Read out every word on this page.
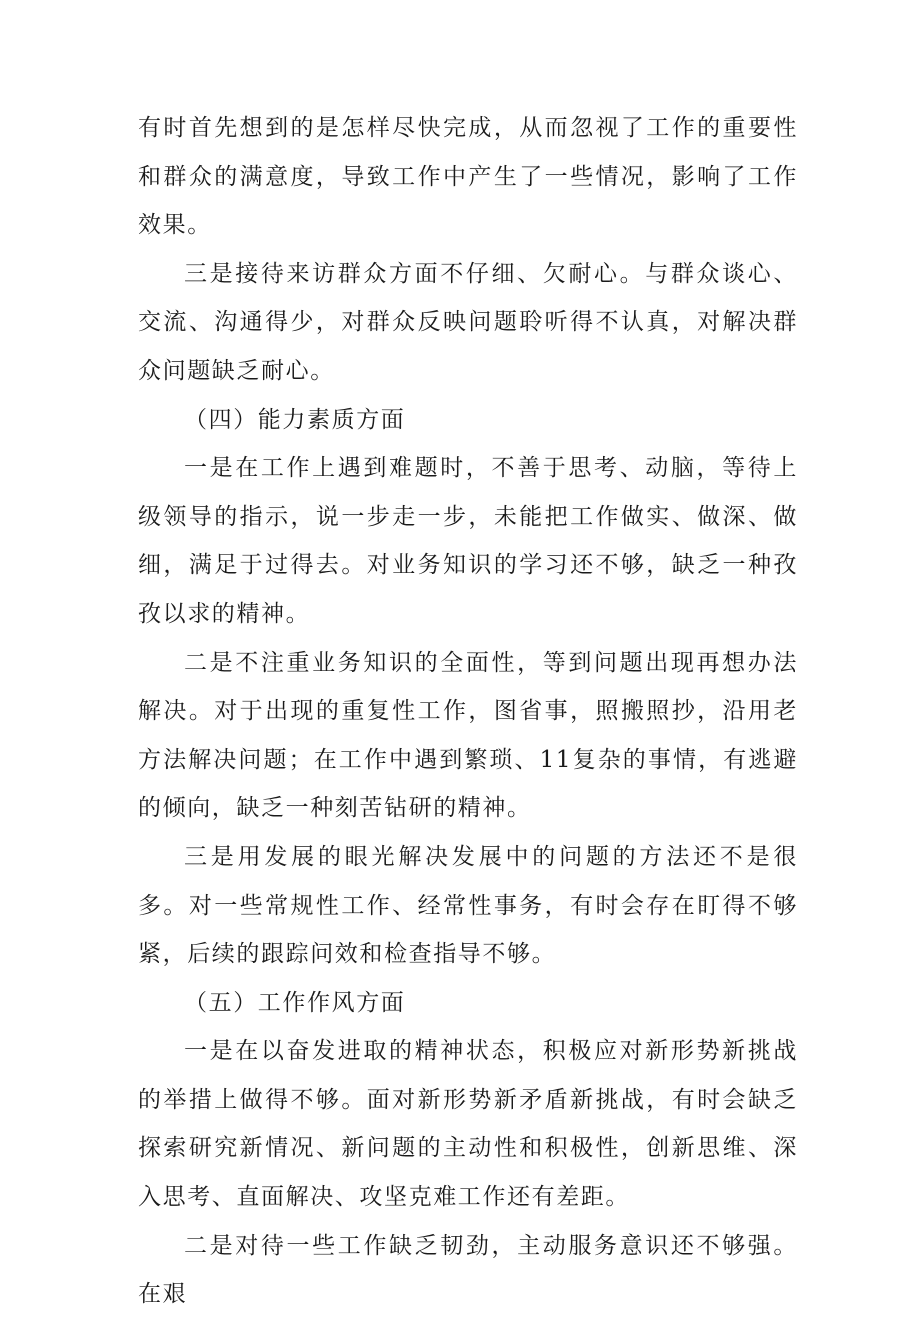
有时首先想到的是怎样尽快完成，从而忽视了工作的重要性和群众的满意度，导致工作中产生了一些情况，影响了工作效果。

三是接待来访群众方面不仔细、欠耐心。与群众谈心、交流、沟通得少，对群众反映问题聆听得不认真，对解决群众问题缺乏耐心。

（四）能力素质方面

一是在工作上遇到难题时，不善于思考、动脑，等待上级领导的指示，说一步走一步，未能把工作做实、做深、做细，满足于过得去。对业务知识的学习还不够，缺乏一种孜孜以求的精神。

二是不注重业务知识的全面性，等到问题出现再想办法解决。对于出现的重复性工作，图省事，照搬照抄，沿用老方法解决问题；在工作中遇到繁琐、11复杂的事情，有逃避的倾向，缺乏一种刻苦钻研的精神。

三是用发展的眼光解决发展中的问题的方法还不是很多。对一些常规性工作、经常性事务，有时会存在盯得不够紧，后续的跟踪问效和检查指导不够。

（五）工作作风方面

一是在以奋发进取的精神状态，积极应对新形势新挑战的举措上做得不够。面对新形势新矛盾新挑战，有时会缺乏探索研究新情况、新问题的主动性和积极性，创新思维、深入思考、直面解决、攻坚克难工作还有差距。

二是对待一些工作缺乏韧劲，主动服务意识还不够强。在艰
